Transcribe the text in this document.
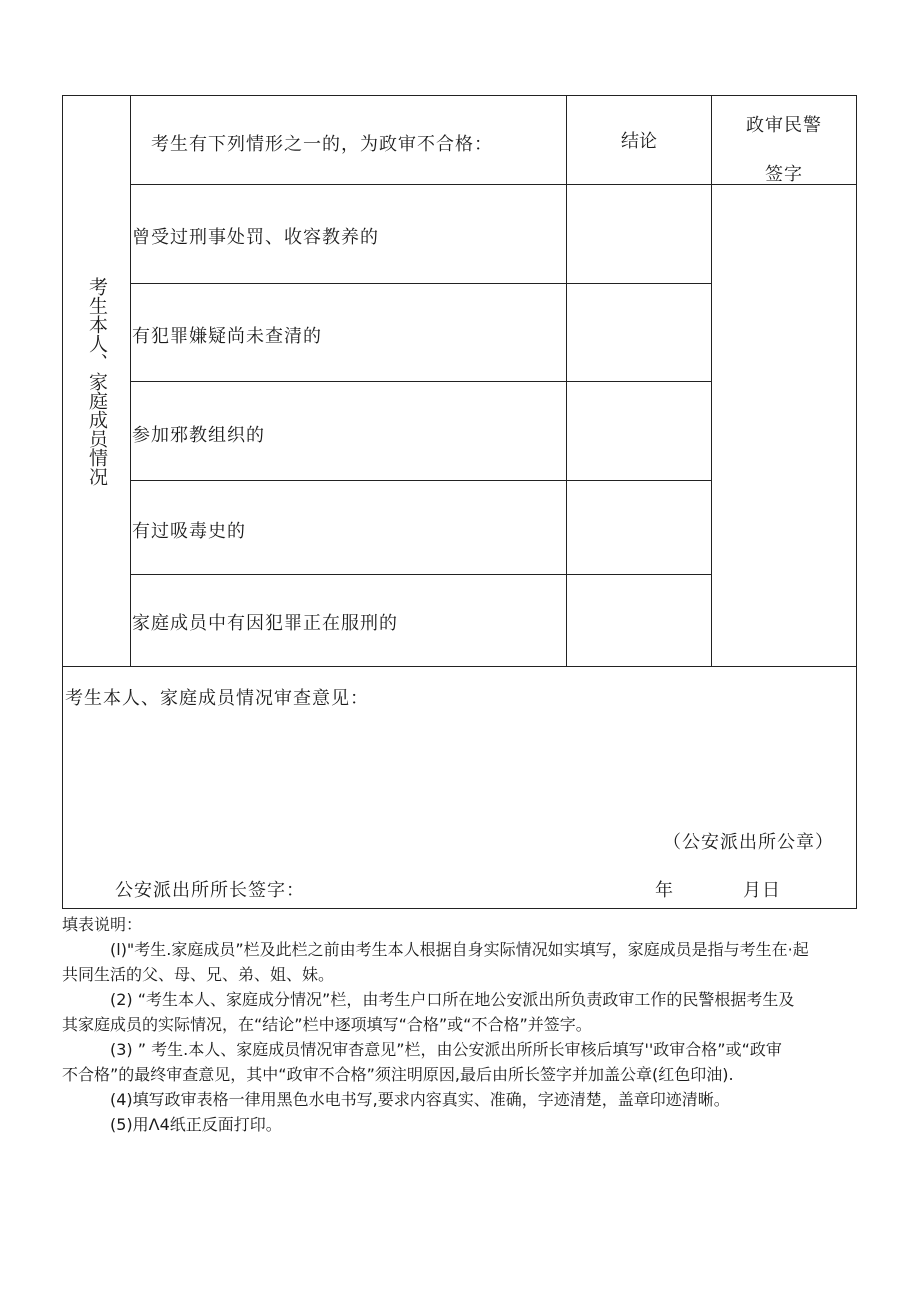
考生本人、家庭成员情况
考生有下列情形之一的，为政审不合格：	结论
政审民警
签字
曾受过刑事处罚、收容教养的
有犯罪嫌疑尚未查清的
参加邪教组织的
有过吸毒史的
家庭成员中有因犯罪正在服刑的
考生本人、家庭成员情况审查意见：
（公安派出所公章）
公安派出所所长签字：	年	月日

填表说明：

(l)"考生.家庭成员”栏及此栏之前由考生本人根据自身实际情况如实填写，家庭成员是指与考生在·起

共同生活的父、母、兄、弟、姐、妹。

(2) “考生本人、家庭成分情况”栏，由考生户口所在地公安派出所负责政审工作的民警根据考生及

其家庭成员的实际情况，在“结论”栏中逐项填写“合格”或“不合格”并签字。

(3) ” 考生.本人、家庭成员情况审杳意见”栏，由公安派出所所长审核后填写''政审合格”或“政审

不合格”的最终审查意见，其中“政审不合格”须注明原因,最后由所长签字并加盖公章(红色印油).

(4)填写政审表格一律用黑色水电书写,要求内容真实、准确，字迹清楚，盖章印迹清晰。

(5)用Λ4纸正反面打印。
